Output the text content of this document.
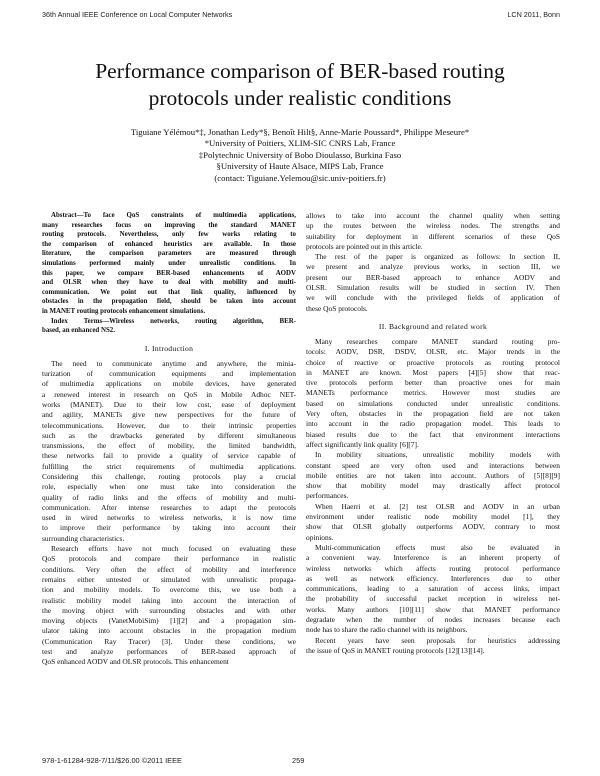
36th Annual IEEE Conference on Local Computer Networks	LCN 2011, Bonn
Performance comparison of BER-based routing
protocols under realistic conditions
Tiguiane Yélémou*‡, Jonathan Ledy*§, Benoît Hilt§, Anne-Marie Poussard*, Philippe Meseure*
*University of Poitiers, XLIM-SIC CNRS Lab, France
‡Polytechnic University of Bobo Dioulasso, Burkina Faso
§University of Haute Alsace, MIPS Lab, France
(contact: Tiguiane.Yelemou@sic.univ-poitiers.fr)
Abstract—To face QoS constraints of multimedia applications,
many researches focus on improving the standard MANET
routing protocols. Nevertheless, only few works relating to
the comparison of enhanced heuristics are available. In those
literature, the comparison parameters are measured through
simulations performed mainly under unrealistic conditions. In
this paper, we compare BER-based enhancements of AODV
and OLSR when they have to deal with mobility and multi-
communication. We point out that link quality, influenced by
obstacles in the propagation field, should be taken into account
in MANET routing protocols enhancement simulations.
Index Terms—Wireless networks, routing algorithm, BER-
based, an enhanced NS2.
I. Introduction
The need to communicate anytime and anywhere, the minia-
turization of communication equipments and implementation
of multimedia applications on mobile devices, have generated
a renewed interest in research on QoS in Mobile Adhoc NET-
works (MANET). Due to their low cost, ease of deployment
and agility, MANETs give new perspectives for the future of
telecommunications. However, due to their intrinsic properties
such as the drawbacks generated by different simultaneous
transmissions, the effect of mobility, the limited bandwidth,
these networks fail to provide a quality of service capable of
fulfilling the strict requirements of multimedia applications.
Considering this challenge, routing protocols play a crucial
role, especially when one must take into consideration the
quality of radio links and the effects of mobility and multi-
communication. After intense researches to adapt the protocols
used in wired networks to wireless networks, it is now time
to improve their performance by taking into account their
surrounding characteristics.
Research efforts have not much focused on evaluating these
QoS protocols and compare their performance in realistic
conditions. Very often the effect of mobility and interference
remains either untested or simulated with unrealistic propaga-
tion and mobility models. To overcome this, we use both a
realistic mobility model taking into account the interaction of
the moving object with surrounding obstacles and with other
moving objects (VanetMobiSim) [1][2] and a propagation sim-
ulator taking into account obstacles in the propagation medium
(Communication Ray Tracer) [3]. Under these conditions, we
test and analyze performances of BER-based approach of
QoS enhanced AODV and OLSR protocols. This enhancement
allows to take into account the channel quality when setting
up the routes between the wireless nodes. The strengths and
suitability for deployment in different scenarios of these QoS
protocols are pointed out in this article.
The rest of the paper is organized as follows: In section II,
we present and analyze previous works, in section III, we
present our BER-based approach to enhance AODV and
OLSR. Simulation results will be studied in section IV. Then
we will conclude with the privileged fields of application of
these QoS protocols.
II. Background and related work
Many researches compare MANET standard routing pro-
tocols: AODV, DSR, DSDV, OLSR, etc. Major trends in the
choice of reactive or proactive protocols as routing protocol
in MANET are known. Most papers [4][5] show that reac-
tive protocols perform better than proactive ones for main
MANETs performance metrics. However most studies are
based on simulations conducted under unrealistic conditions.
Very often, obstacles in the propagation field are not taken
into account in the radio propagation model. This leads to
biased results due to the fact that environment interactions
affect significantly link quality [6][7].
In mobility situations, unrealistic mobility models with
constant speed are very often used and interactions between
mobile entities are not taken into account. Authors of [5][8][9]
show that mobility model may drastically affect protocol
performances.
When Haerri et al. [2] test OLSR and AODV in an urban
environment under realistic node mobility model [1], they
show that OLSR globally outperforms AODV, contrary to most
opinions.
Multi-communication effects must also be evaluated in
a convenient way. Interference is an inherent property of
wireless networks which affects routing protocol performance
as well as network efficiency. Interferences due to other
communications, leading to a saturation of access links, impact
the probability of successful packet reception in wireless net-
works. Many authors [10][11] show that MANET performance
degradate when the number of nodes increases because each
node has to share the radio channel with its neighbors.
Recent years have seen proposals for heuristics addressing
the issue of QoS in MANET routing protocols [12][13][14].
978-1-61284-928-7/11/$26.00 ©2011 IEEE	259
